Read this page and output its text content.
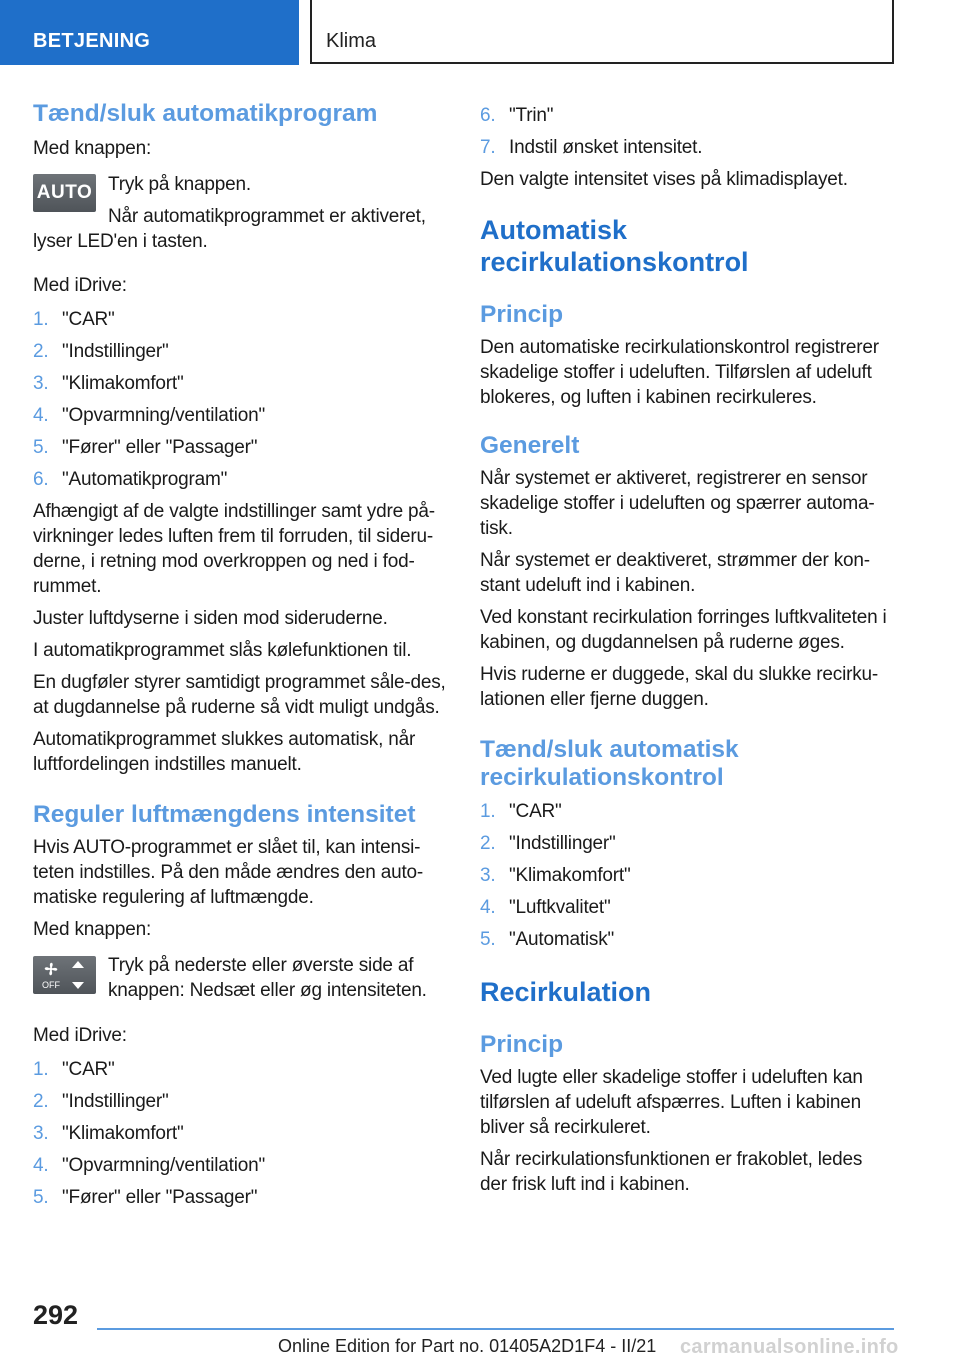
BETJENING	Klima
Tænd/sluk automatikprogram

Med knappen:

AUTO Tryk på knappen.

Når automatikprogrammet er aktiveret,

lyser LED'en i tasten.

Med iDrive:

1. "CAR"
2. "Indstillinger"
3. "Klimakomfort"
4. "Opvarmning/ventilation"
5. "Fører" eller "Passager"
6. "Automatikprogram"

Afhængigt af de valgte indstillinger samt ydre på-virkninger ledes luften frem til forruden, til sideru-derne, i retning mod overkroppen og ned i fod-rummet.

Juster luftdyserne i siden mod sideruderne.

I automatikprogrammet slås kølefunktionen til.

En dugføler styrer samtidigt programmet såle-des, at dugdannelse på ruderne så vidt muligt undgås.

Automatikprogrammet slukkes automatisk, når luftfordelingen indstilles manuelt.

Reguler luftmængdens intensitet

Hvis AUTO-programmet er slået til, kan intensi-teten indstilles. På den måde ændres den auto-matiske regulering af luftmængde.

Med knappen:

OFF

Tryk på nederste eller øverste side af knappen: Nedsæt eller øg intensiteten.

Med iDrive:

1. "CAR"
2. "Indstillinger"
3. "Klimakomfort"
4. "Opvarmning/ventilation"
5. "Fører" eller "Passager"
6. "Trin"
7. Indstil ønsket intensitet.

Den valgte intensitet vises på klimadisplayet.

Automatisk recirkulationskontrol
Princip

Den automatiske recirkulationskontrol registrerer skadelige stoffer i udeluften. Tilførslen af udeluft blokeres, og luften i kabinen recirkuleres.

Generelt

Når systemet er aktiveret, registrerer en sensor skadelige stoffer i udeluften og spærrer automa-tisk.

Når systemet er deaktiveret, strømmer der kon-stant udeluft ind i kabinen.

Ved konstant recirkulation forringes luftkvaliteten i kabinen, og dugdannelsen på ruderne øges.

Hvis ruderne er duggede, skal du slukke recirku-lationen eller fjerne duggen.

Tænd/sluk automatisk recirkulationskontrol
1. "CAR"
2. "Indstillinger"
3. "Klimakomfort"
4. "Luftkvalitet"
5. "Automatisk"
Recirkulation
Princip

Ved lugte eller skadelige stoffer i udeluften kan tilførslen af udeluft afspærres. Luften i kabinen bliver så recirkuleret.

Når recirkulationsfunktionen er frakoblet, ledes der frisk luft ind i kabinen.

292
Online Edition for Part no. 01405A2D1F4 - II/21 carmanualsonline.info
